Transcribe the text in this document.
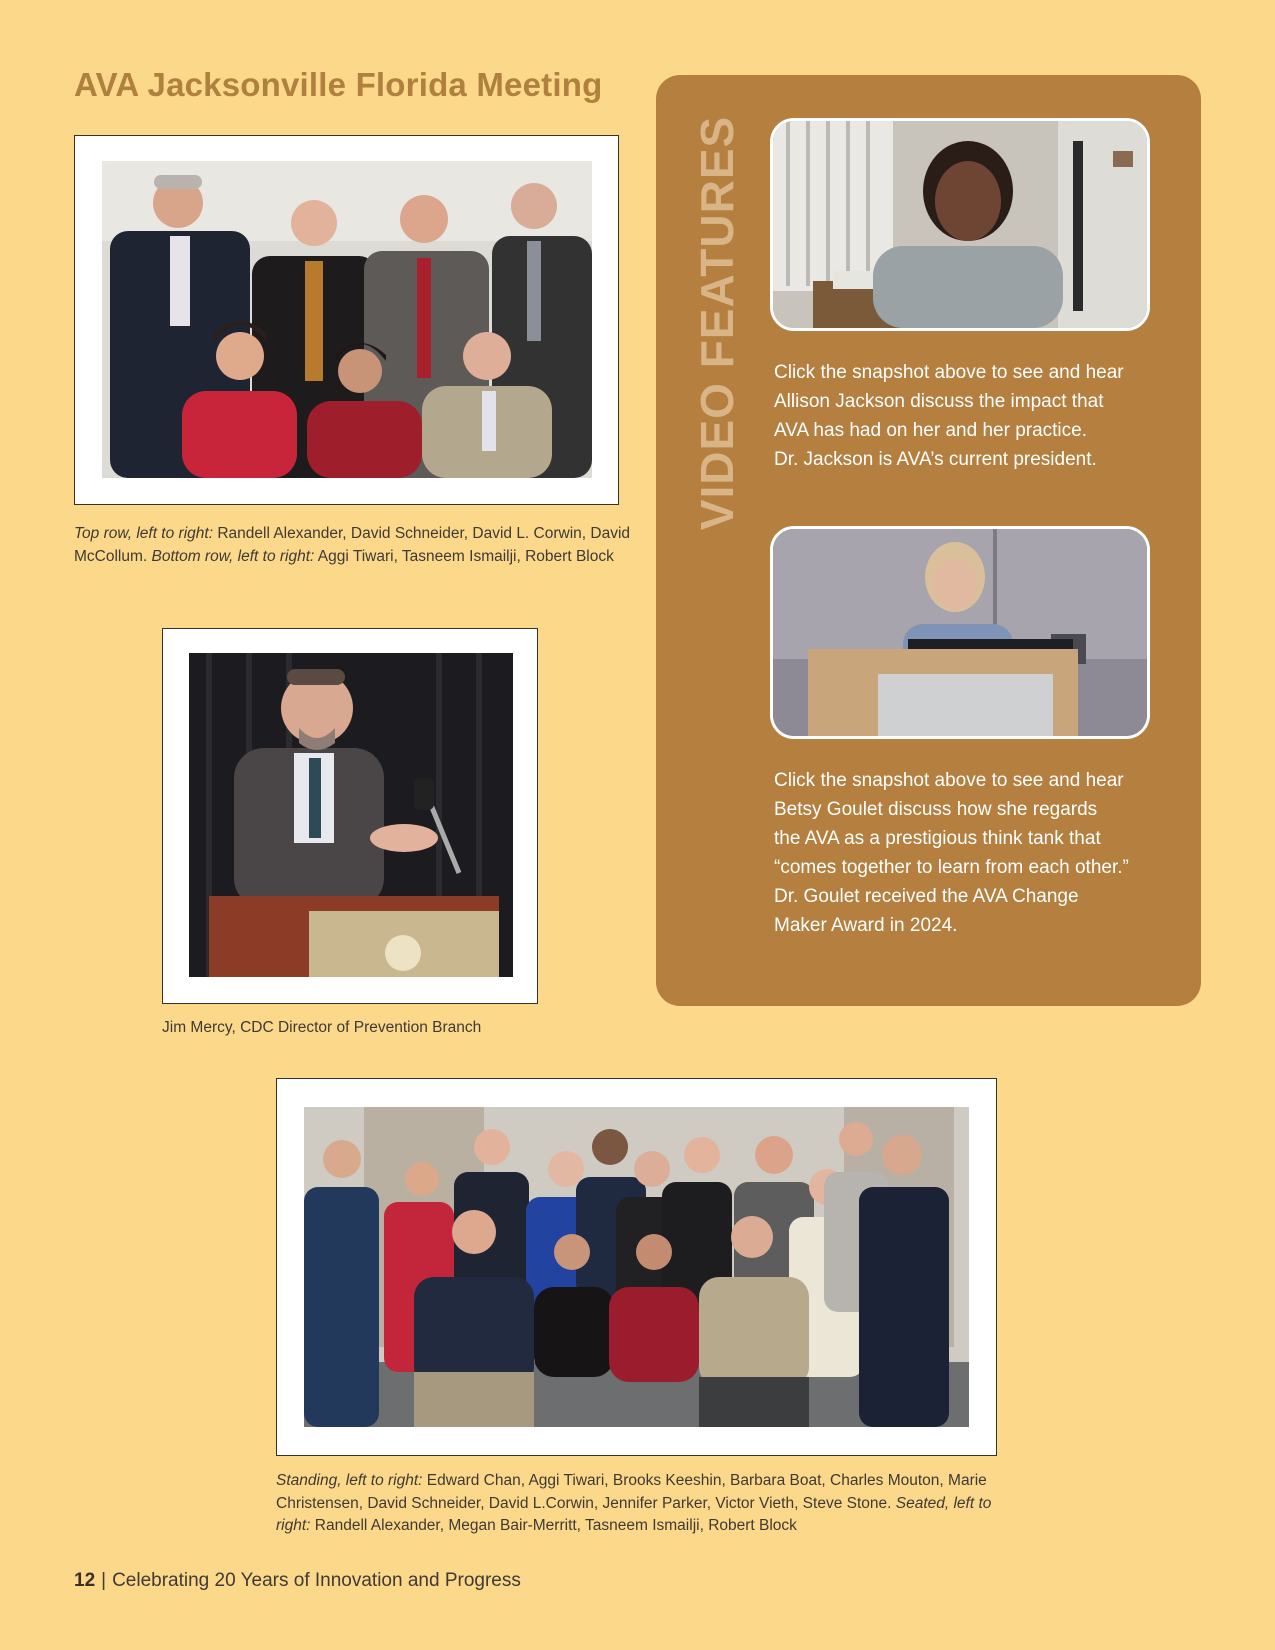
AVA Jacksonville Florida Meeting
Top row, left to right: Randell Alexander, David Schneider, David L. Corwin, David McCollum. Bottom row, left to right: Aggi Tiwari, Tasneem Ismailji, Robert Block
Jim Mercy, CDC Director of Prevention Branch
Standing, left to right: Edward Chan, Aggi Tiwari, Brooks Keeshin, Barbara Boat, Charles Mouton, Marie Christensen, David Schneider, David L.Corwin, Jennifer Parker, Victor Vieth, Steve Stone. Seated, left to right: Randell Alexander, Megan Bair-Merritt, Tasneem Ismailji, Robert Block
VIDEO FEATURES Click the snapshot above to see and hear

Allison Jackson discuss the impact that

AVA has had on her and her practice.

Dr. Jackson is AVA’s current president.

Click the snapshot above to see and hear

Betsy Goulet discuss how she regards

the AVA as a prestigious think tank that

“comes together to learn from each other.”

Dr. Goulet received the AVA Change

Maker Award in 2024.

12 | Celebrating 20 Years of Innovation and Progress
